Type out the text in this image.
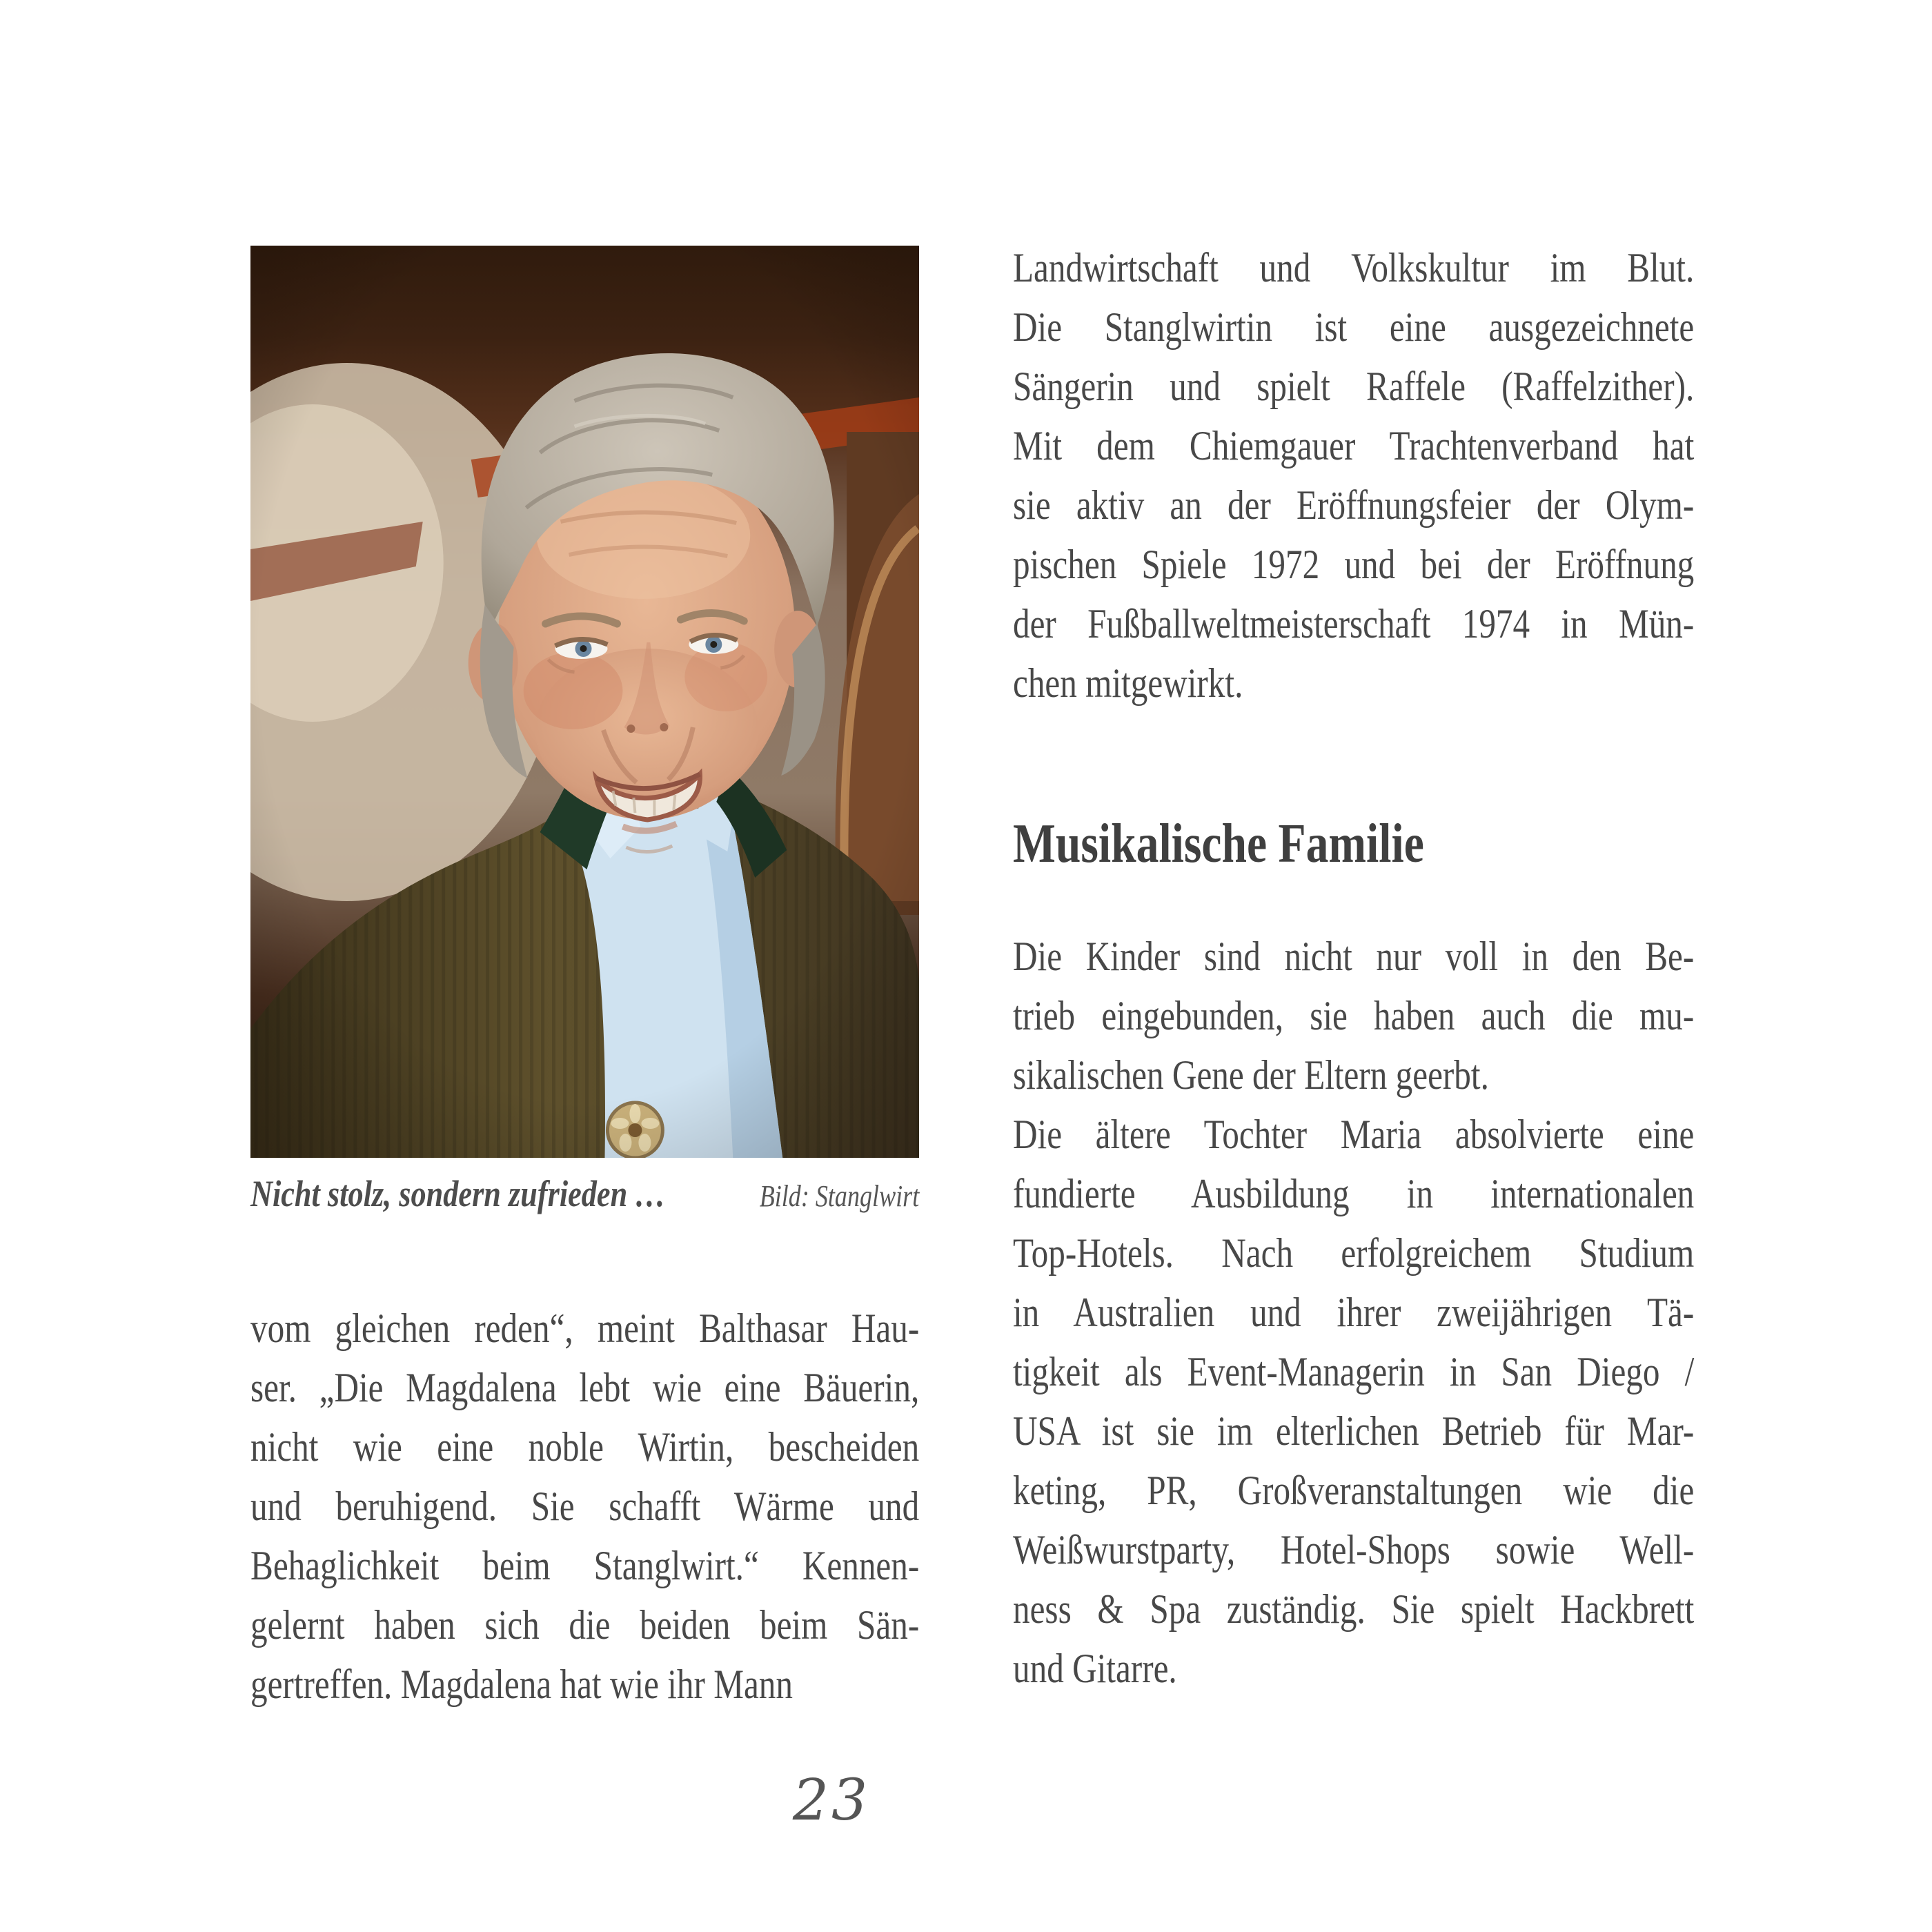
Nicht stolz, sondern zufrieden …	Bild: Stanglwirt
vom gleichen reden“, meint Balthasar Hau-
ser. „Die Magdalena lebt wie eine Bäuerin,
nicht wie eine noble Wirtin, bescheiden
und beruhigend. Sie schafft Wärme und
Behaglichkeit beim Stanglwirt.“ Kennen-
gelernt haben sich die beiden beim Sän-
gertreffen. Magdalena hat wie ihr Mann
Landwirtschaft und Volkskultur im Blut.
Die Stanglwirtin ist eine ausgezeichnete
Sängerin und spielt Raffele (Raffelzither).
Mit dem Chiemgauer Trachtenverband hat
sie aktiv an der Eröffnungsfeier der Olym-
pischen Spiele 1972 und bei der Eröffnung
der Fußballweltmeisterschaft 1974 in Mün-
chen mitgewirkt.
Musikalische Familie
Die Kinder sind nicht nur voll in den Be-
trieb eingebunden, sie haben auch die mu-
sikalischen Gene der Eltern geerbt.
Die ältere Tochter Maria absolvierte eine
fundierte Ausbildung in internationalen
Top-Hotels. Nach erfolgreichem Studium
in Australien und ihrer zweijährigen Tä-
tigkeit als Event-Managerin in San Diego /
USA ist sie im elterlichen Betrieb für Mar-
keting, PR, Großveranstaltungen wie die
Weißwurstparty, Hotel-Shops sowie Well-
ness & Spa zuständig. Sie spielt Hackbrett
und Gitarre.
23
